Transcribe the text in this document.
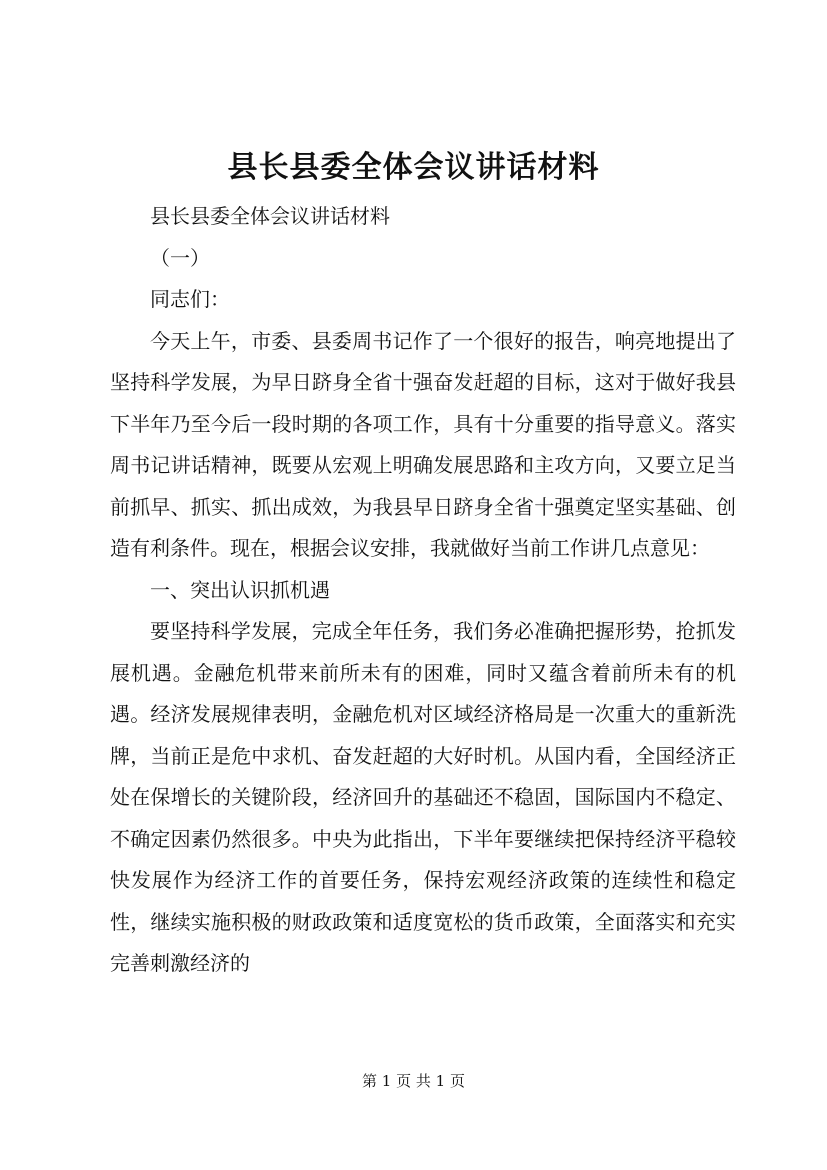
县长县委全体会议讲话材料

县长县委全体会议讲话材料

（一）

同志们：

今天上午，市委、县委周书记作了一个很好的报告，响亮地提出了坚持科学发展，为早日跻身全省十强奋发赶超的目标，这对于做好我县下半年乃至今后一段时期的各项工作，具有十分重要的指导意义。落实周书记讲话精神，既要从宏观上明确发展思路和主攻方向，又要立足当前抓早、抓实、抓出成效，为我县早日跻身全省十强奠定坚实基础、创造有利条件。现在，根据会议安排，我就做好当前工作讲几点意见：

一、突出认识抓机遇

要坚持科学发展，完成全年任务，我们务必准确把握形势，抢抓发展机遇。金融危机带来前所未有的困难，同时又蕴含着前所未有的机遇。经济发展规律表明，金融危机对区域经济格局是一次重大的重新洗牌，当前正是危中求机、奋发赶超的大好时机。从国内看，全国经济正处在保增长的关键阶段，经济回升的基础还不稳固，国际国内不稳定、不确定因素仍然很多。中央为此指出，下半年要继续把保持经济平稳较快发展作为经济工作的首要任务，保持宏观经济政策的连续性和稳定性，继续实施积极的财政政策和适度宽松的货币政策，全面落实和充实完善刺激经济的

第 1 页 共 1 页
